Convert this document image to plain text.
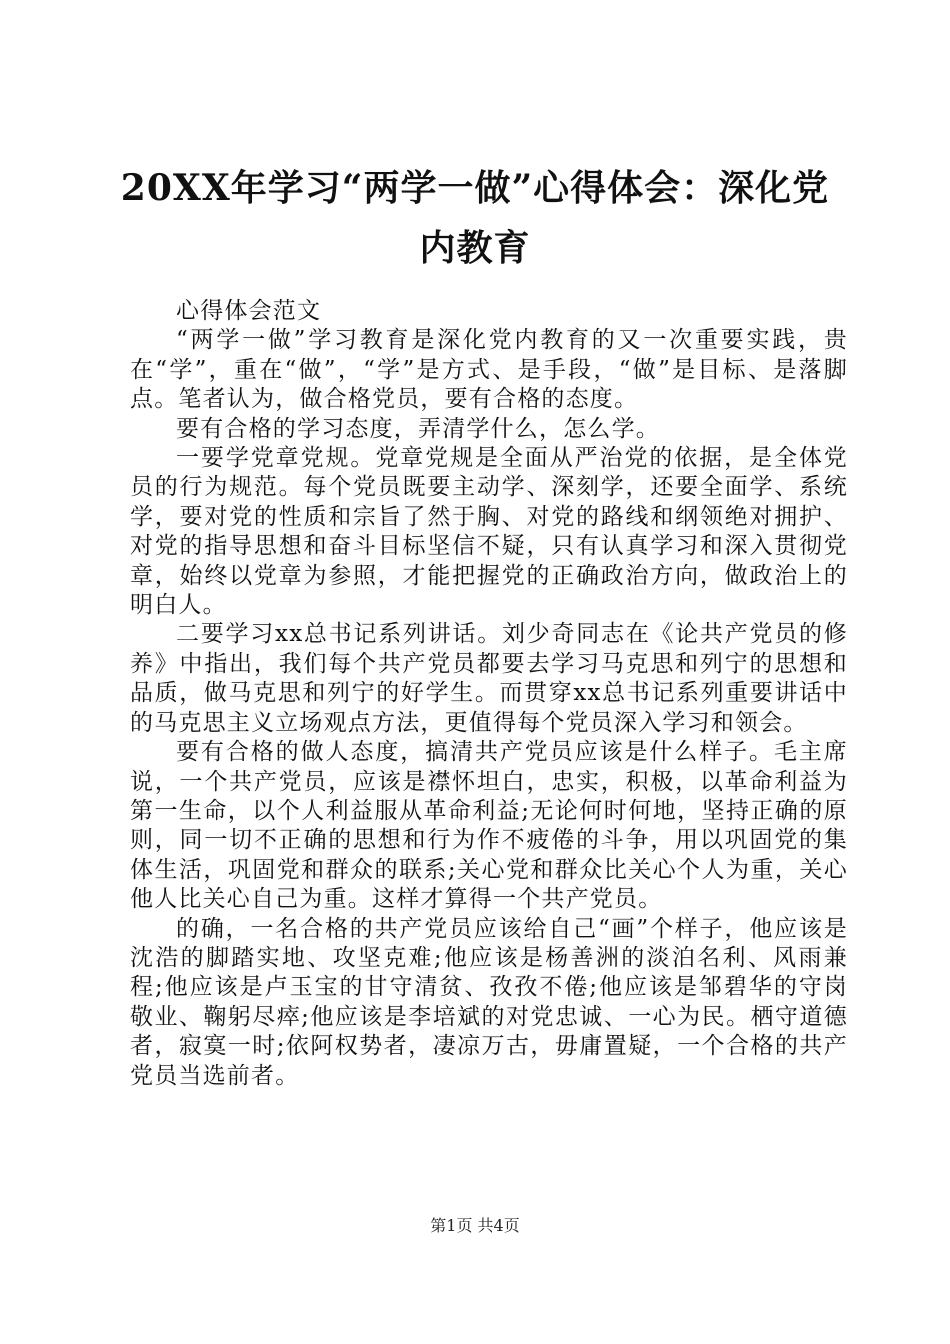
20XX年学习“两学一做”心得体会：深化党
内教育

心得体会范文

“两学一做”学习教育是深化党内教育的又一次重要实践，贵在“学”，重在“做”，“学”是方式、是手段，“做”是目标、是落脚点。笔者认为，做合格党员，要有合格的态度。

要有合格的学习态度，弄清学什么，怎么学。

一要学党章党规。党章党规是全面从严治党的依据，是全体党员的行为规范。每个党员既要主动学、深刻学，还要全面学、系统学，要对党的性质和宗旨了然于胸、对党的路线和纲领绝对拥护、对党的指导思想和奋斗目标坚信不疑，只有认真学习和深入贯彻党章，始终以党章为参照，才能把握党的正确政治方向，做政治上的明白人。

二要学习xx总书记系列讲话。刘少奇同志在《论共产党员的修养》中指出，我们每个共产党员都要去学习马克思和列宁的思想和品质，做马克思和列宁的好学生。而贯穿xx总书记系列重要讲话中的马克思主义立场观点方法，更值得每个党员深入学习和领会。

要有合格的做人态度，搞清共产党员应该是什么样子。毛主席说，一个共产党员，应该是襟怀坦白，忠实，积极，以革命利益为第一生命，以个人利益服从革命利益;无论何时何地，坚持正确的原则，同一切不正确的思想和行为作不疲倦的斗争，用以巩固党的集体生活，巩固党和群众的联系;关心党和群众比关心个人为重，关心他人比关心自己为重。这样才算得一个共产党员。

的确，一名合格的共产党员应该给自己“画”个样子，他应该是沈浩的脚踏实地、攻坚克难;他应该是杨善洲的淡泊名利、风雨兼程;他应该是卢玉宝的甘守清贫、孜孜不倦;他应该是邹碧华的守岗敬业、鞠躬尽瘁;他应该是李培斌的对党忠诚、一心为民。栖守道德者，寂寞一时;依阿权势者，凄凉万古，毋庸置疑，一个合格的共产党员当选前者。

第1页 共4页
